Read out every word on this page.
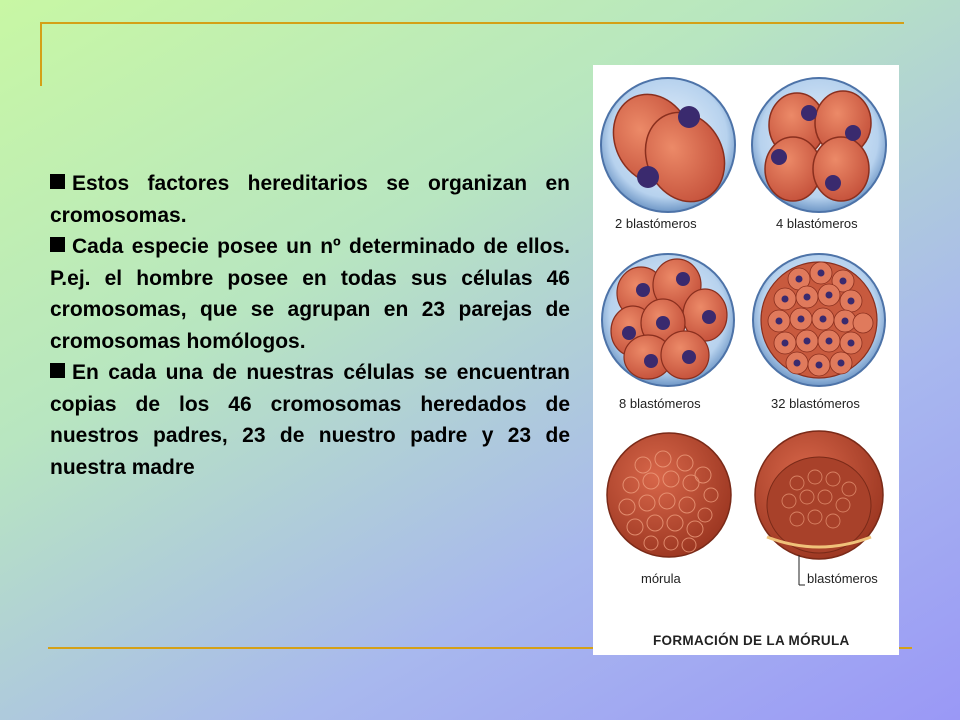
Estos factores hereditarios se organizan en cromosomas.

Cada especie posee un nº determinado de ellos. P.ej. el hombre posee en todas sus células 46 cromosomas, que se agrupan en 23 parejas de cromosomas homólogos.

En cada una de nuestras células se encuentran copias de los 46 cromosomas heredados de nuestros padres, 23 de nuestro padre y 23 de nuestra madre

2 blastómeros	4 blastómeros
8 blastómeros	32 blastómeros
mórula	blastómeros
FORMACIÓN DE LA MÓRULA
